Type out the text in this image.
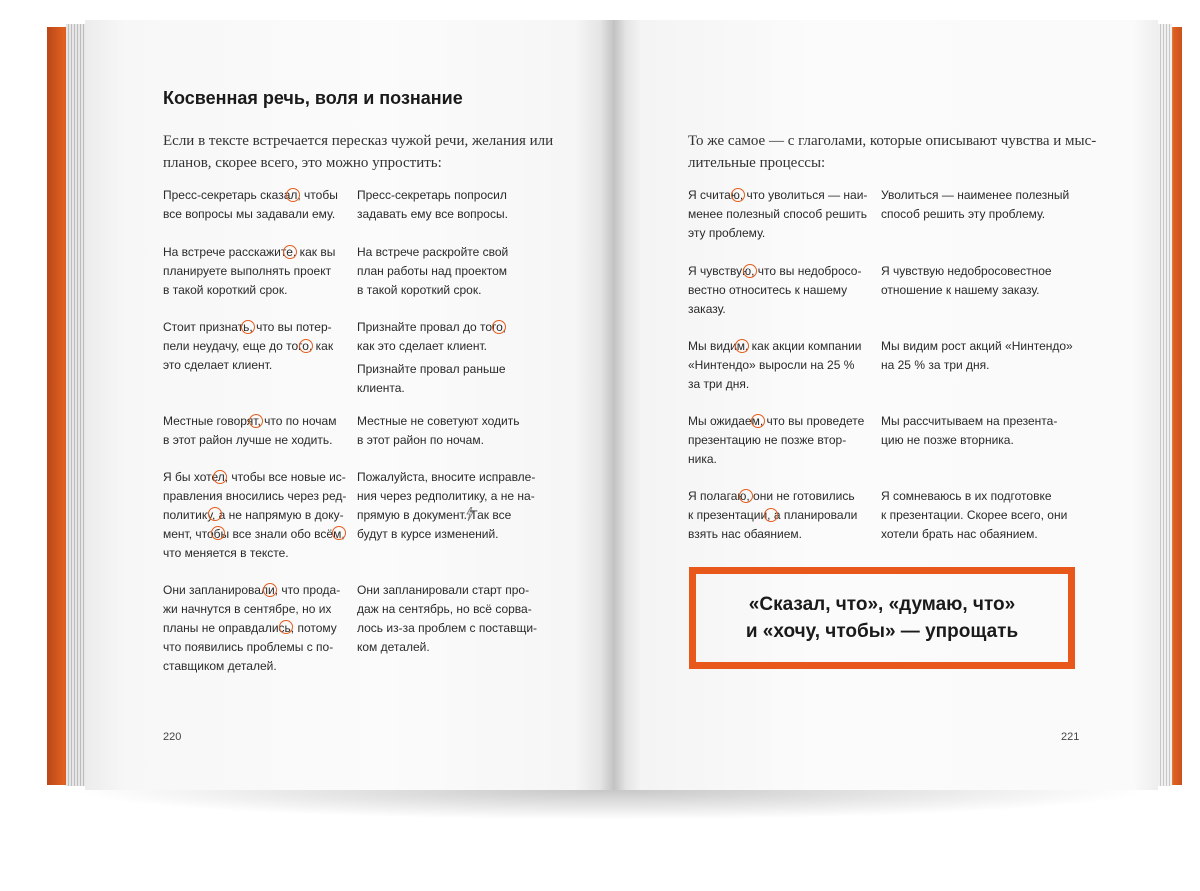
Косвенная речь, воля и познание

Если в тексте встречается пересказ чужой речи, желания или
планов, скорее всего, это можно упростить:

Пресс-секретарь сказал, чтобы
все вопросы мы задавали ему.
Пресс-секретарь попросил
задавать ему все вопросы.
На встрече расскажите, как вы
планируете выполнять проект
в такой короткий срок.
На встрече раскройте свой
план работы над проектом
в такой короткий срок.
Стоит признать, что вы потер-
пели неудачу, еще до того, как
это сделает клиент.
Признайте провал до того,
как это сделает клиент.
Признайте провал раньше
клиента.
Местные говорят, что по ночам
в этот район лучше не ходить.
Местные не советуют ходить
в этот район по ночам.
Я бы хотел, чтобы все новые ис-
правления вносились через ред-
политику, а не напрямую в доку-
мент, чтобы все знали обо всём,
что меняется в тексте.
Пожалуйста, вносите исправле-
ния через редполитику, а не на-
прямую в документ. Так все
будут в курсе изменений.
Они запланировали, что прода-
жи начнутся в сентябре, но их
планы не оправдались, потому
что появились проблемы с по-
ставщиком деталей.
Они запланировали старт про-
даж на сентябрь, но всё сорва-
лось из-за проблем с поставщи-
ком деталей.
220

То же самое — с глаголами, которые описывают чувства и мыс-
лительные процессы:

Я считаю, что уволиться — наи-
менее полезный способ решить
эту проблему.
Уволиться — наименее полезный
способ решить эту проблему.
Я чувствую, что вы недобросо-
вестно относитесь к нашему
заказу.
Я чувствую недобросовестное
отношение к нашему заказу.
Мы видим, как акции компании
«Нинтендо» выросли на 25 %
за три дня.
Мы видим рост акций «Нинтендо»
на 25 % за три дня.
Мы ожидаем, что вы проведете
презентацию не позже втор-
ника.
Мы рассчитываем на презента-
цию не позже вторника.
Я полагаю, они не готовились
к презентации, а планировали
взять нас обаянием.
Я сомневаюсь в их подготовке
к презентации. Скорее всего, они
хотели брать нас обаянием.
«Сказал, что», «думаю, что»
и «хочу, чтобы» — упрощать
221
